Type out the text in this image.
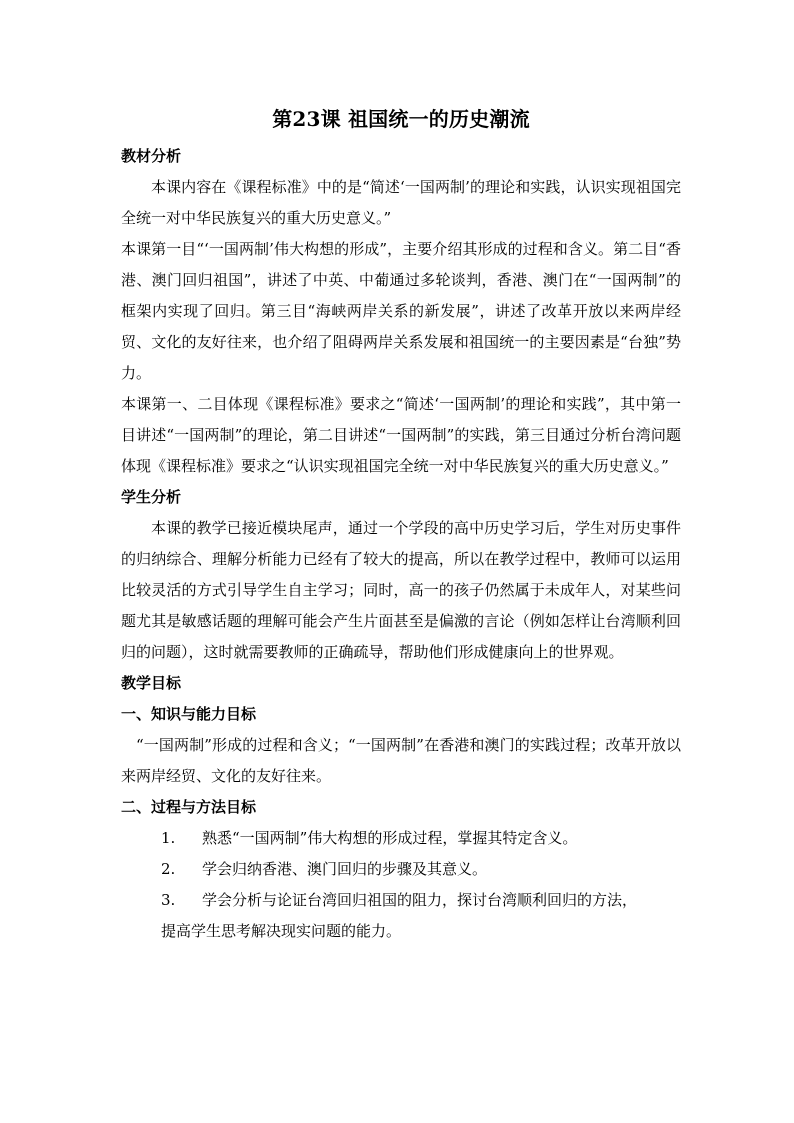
第23课 祖国统一的历史潮流
教材分析

本课内容在《课程标准》中的是“简述‘一国两制’的理论和实践，认识实现祖国完全统一对中华民族复兴的重大历史意义。”

本课第一目“‘一国两制’伟大构想的形成”，主要介绍其形成的过程和含义。第二目“香港、澳门回归祖国”，讲述了中英、中葡通过多轮谈判，香港、澳门在“一国两制”的框架内实现了回归。第三目“海峡两岸关系的新发展”，讲述了改革开放以来两岸经贸、文化的友好往来，也介绍了阻碍两岸关系发展和祖国统一的主要因素是“台独”势力。

本课第一、二目体现《课程标准》要求之“简述‘一国两制’的理论和实践”，其中第一目讲述“一国两制”的理论，第二目讲述“一国两制”的实践，第三目通过分析台湾问题体现《课程标准》要求之“认识实现祖国完全统一对中华民族复兴的重大历史意义。”

学生分析

本课的教学已接近模块尾声，通过一个学段的高中历史学习后，学生对历史事件的归纳综合、理解分析能力已经有了较大的提高，所以在教学过程中，教师可以运用比较灵活的方式引导学生自主学习；同时，高一的孩子仍然属于未成年人，对某些问题尤其是敏感话题的理解可能会产生片面甚至是偏激的言论（例如怎样让台湾顺利回归的问题），这时就需要教师的正确疏导，帮助他们形成健康向上的世界观。

教学目标
一、知识与能力目标

“一国两制”形成的过程和含义；“一国两制”在香港和澳门的实践过程；改革开放以来两岸经贸、文化的友好往来。

二、过程与方法目标
1.	熟悉“一国两制”伟大构想的形成过程，掌握其特定含义。
2.	学会归纳香港、澳门回归的步骤及其意义。
3.	学会分析与论证台湾回归祖国的阻力，探讨台湾顺利回归的方法，
提高学生思考解决现实问题的能力。
